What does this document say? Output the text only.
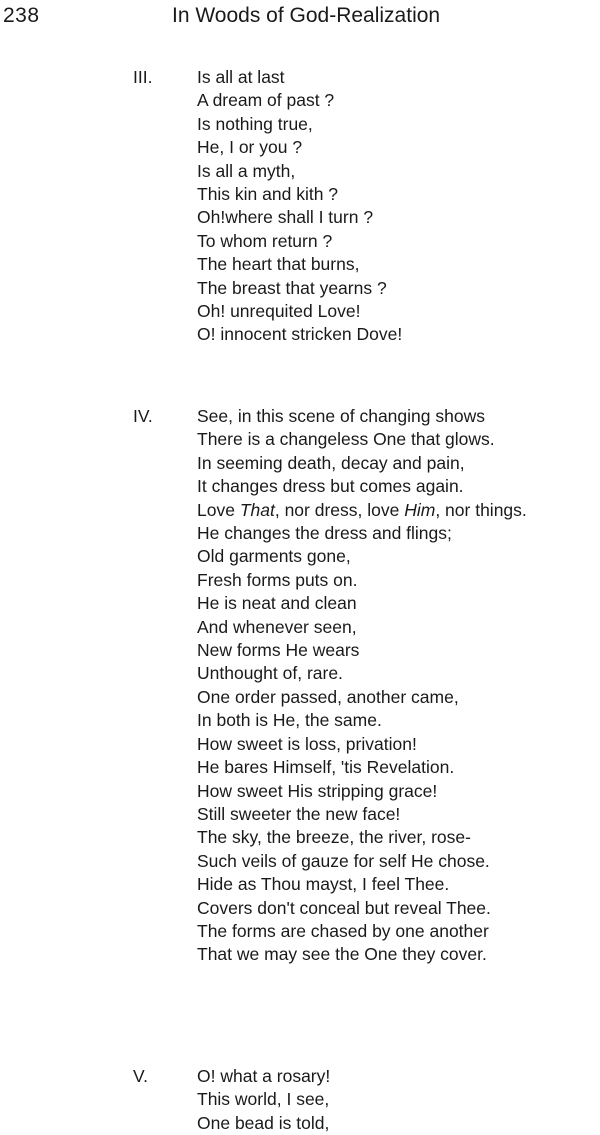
238	In Woods of God-Realization
III.	Is all at last
A dream of past ?
Is nothing true,
He, I or you ?
Is all a myth,
This kin and kith ?
Oh!where shall I turn ?
To whom return ?
The heart that burns,
The breast that yearns ?
Oh! unrequited Love!
O! innocent stricken Dove!
IV.	See, in this scene of changing shows
There is a changeless One that glows.
In seeming death, decay and pain,
It changes dress but comes again.
Love That, nor dress, love Him, nor things.
He changes the dress and flings;
Old garments gone,
Fresh forms puts on.
He is neat and clean
And whenever seen,
New forms He wears
Unthought of, rare.
One order passed, another came,
In both is He, the same.
How sweet is loss, privation!
He bares Himself, 'tis Revelation.
How sweet His stripping grace!
Still sweeter the new face!
The sky, the breeze, the river, rose-
Such veils of gauze for self He chose.
Hide as Thou mayst, I feel Thee.
Covers don't conceal but reveal Thee.
The forms are chased by one another
That we may see the One they cover.
V.	O! what a rosary!
This world, I see,
One bead is told,
